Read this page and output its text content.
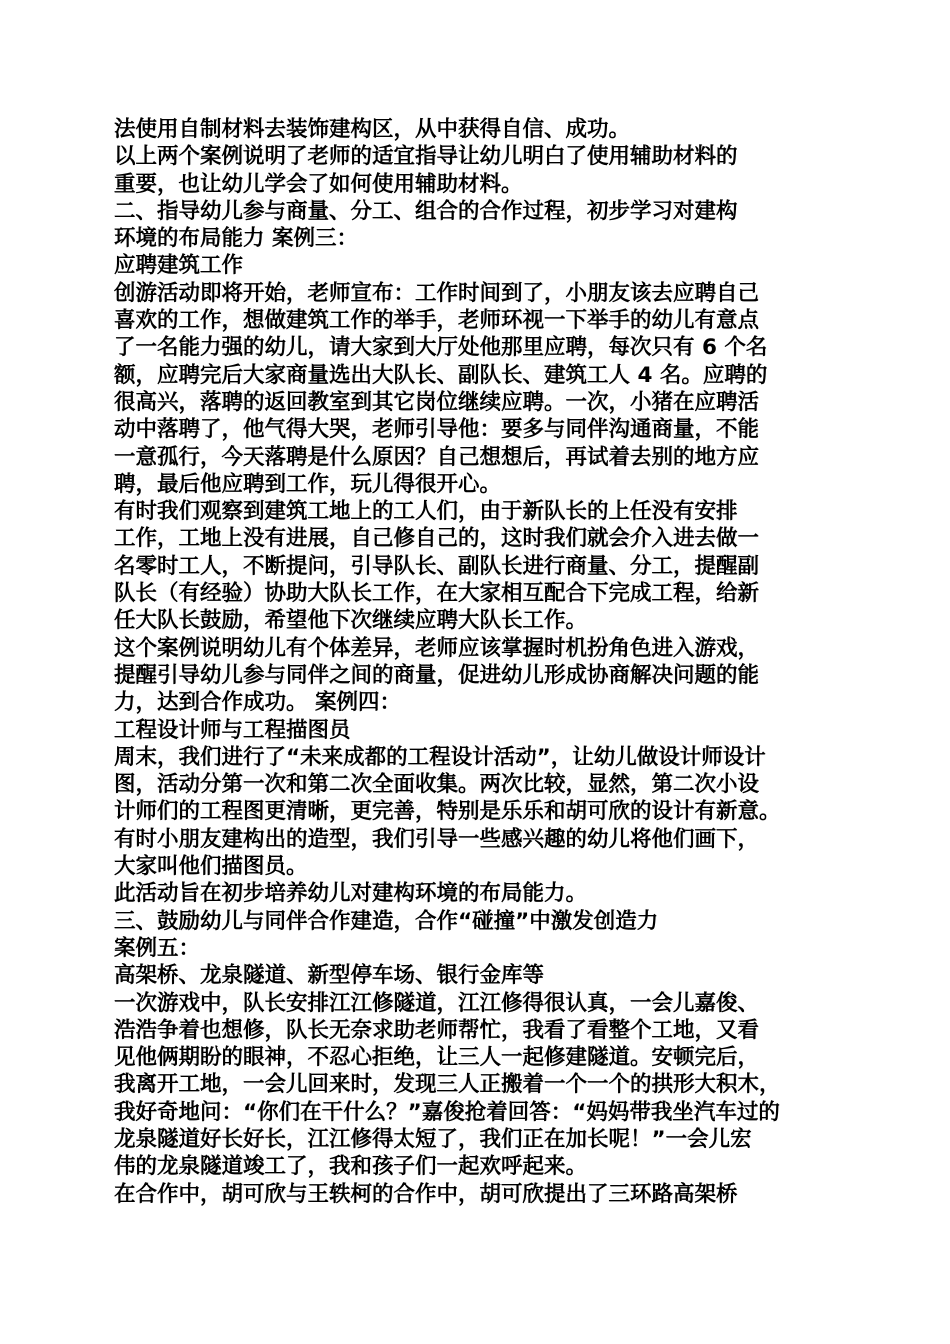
法使用自制材料去装饰建构区，从中获得自信、成功。
以上两个案例说明了老师的适宜指导让幼儿明白了使用辅助材料的
重要，也让幼儿学会了如何使用辅助材料。
二、指导幼儿参与商量、分工、组合的合作过程，初步学习对建构
环境的布局能力 案例三：
应聘建筑工作
创游活动即将开始，老师宣布：工作时间到了，小朋友该去应聘自己
喜欢的工作，想做建筑工作的举手，老师环视一下举手的幼儿有意点
了一名能力强的幼儿，请大家到大厅处他那里应聘，每次只有 6 个名
额，应聘完后大家商量选出大队长、副队长、建筑工人 4 名。应聘的
很高兴，落聘的返回教室到其它岗位继续应聘。一次，小猪在应聘活
动中落聘了，他气得大哭，老师引导他：要多与同伴沟通商量，不能
一意孤行，今天落聘是什么原因？自己想想后，再试着去别的地方应
聘，最后他应聘到工作，玩儿得很开心。
有时我们观察到建筑工地上的工人们，由于新队长的上任没有安排
工作，工地上没有进展，自己修自己的，这时我们就会介入进去做一
名零时工人，不断提问，引导队长、副队长进行商量、分工，提醒副
队长（有经验）协助大队长工作，在大家相互配合下完成工程，给新
任大队长鼓励，希望他下次继续应聘大队长工作。
这个案例说明幼儿有个体差异，老师应该掌握时机扮角色进入游戏，
提醒引导幼儿参与同伴之间的商量，促进幼儿形成协商解决问题的能
力，达到合作成功。 案例四：
工程设计师与工程描图员
周末，我们进行了“未来成都的工程设计活动”，让幼儿做设计师设计
图，活动分第一次和第二次全面收集。两次比较，显然，第二次小设
计师们的工程图更清晰，更完善，特别是乐乐和胡可欣的设计有新意。
有时小朋友建构出的造型，我们引导一些感兴趣的幼儿将他们画下，
大家叫他们描图员。
此活动旨在初步培养幼儿对建构环境的布局能力。
三、鼓励幼儿与同伴合作建造，合作“碰撞”中激发创造力
案例五：
高架桥、龙泉隧道、新型停车场、银行金库等
一次游戏中，队长安排江江修隧道，江江修得很认真，一会儿嘉俊、
浩浩争着也想修，队长无奈求助老师帮忙，我看了看整个工地，又看
见他俩期盼的眼神，不忍心拒绝，让三人一起修建隧道。安顿完后，
我离开工地，一会儿回来时，发现三人正搬着一个一个的拱形大积木，
我好奇地问：“你们在干什么？”嘉俊抢着回答：“妈妈带我坐汽车过的
龙泉隧道好长好长，江江修得太短了，我们正在加长呢！”一会儿宏
伟的龙泉隧道竣工了，我和孩子们一起欢呼起来。
在合作中，胡可欣与王轶柯的合作中，胡可欣提出了三环路高架桥
